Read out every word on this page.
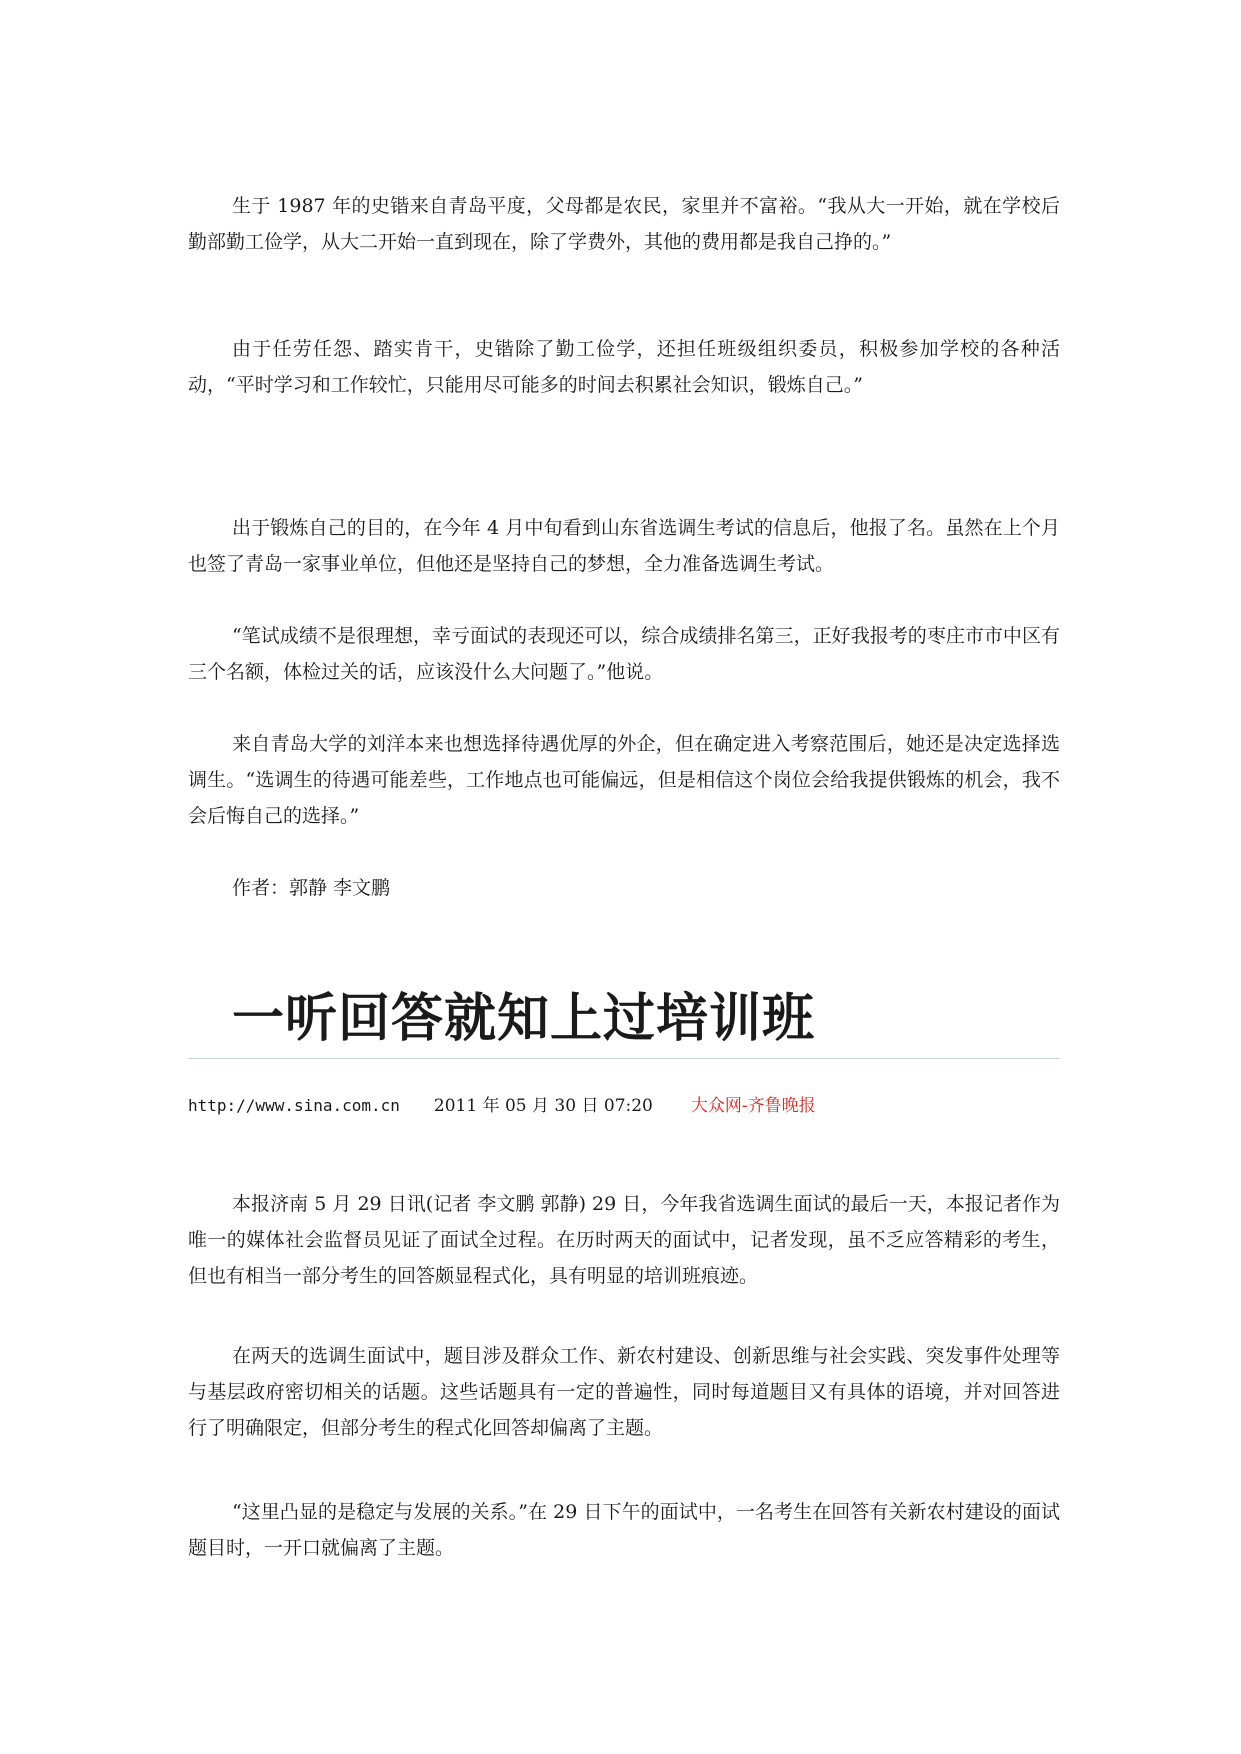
生于 1987 年的史锴来自青岛平度，父母都是农民，家里并不富裕。“我从大一开始，就在学校后勤部勤工俭学，从大二开始一直到现在，除了学费外，其他的费用都是我自己挣的。”

由于任劳任怨、踏实肯干，史锴除了勤工俭学，还担任班级组织委员，积极参加学校的各种活动，“平时学习和工作较忙，只能用尽可能多的时间去积累社会知识，锻炼自己。”

出于锻炼自己的目的，在今年 4 月中旬看到山东省选调生考试的信息后，他报了名。虽然在上个月也签了青岛一家事业单位，但他还是坚持自己的梦想，全力准备选调生考试。

“笔试成绩不是很理想，幸亏面试的表现还可以，综合成绩排名第三，正好我报考的枣庄市市中区有三个名额，体检过关的话，应该没什么大问题了。”他说。

来自青岛大学的刘洋本来也想选择待遇优厚的外企，但在确定进入考察范围后，她还是决定选择选调生。“选调生的待遇可能差些，工作地点也可能偏远，但是相信这个岗位会给我提供锻炼的机会，我不会后悔自己的选择。”

作者：郭静 李文鹏

一听回答就知上过培训班
http://www.sina.com.cn 2011 年 05 月 30 日 07:20 大众网-齐鲁晚报

本报济南 5 月 29 日讯(记者 李文鹏 郭静) 29 日，今年我省选调生面试的最后一天，本报记者作为唯一的媒体社会监督员见证了面试全过程。在历时两天的面试中，记者发现，虽不乏应答精彩的考生，但也有相当一部分考生的回答颇显程式化，具有明显的培训班痕迹。

在两天的选调生面试中，题目涉及群众工作、新农村建设、创新思维与社会实践、突发事件处理等与基层政府密切相关的话题。这些话题具有一定的普遍性，同时每道题目又有具体的语境，并对回答进行了明确限定，但部分考生的程式化回答却偏离了主题。

“这里凸显的是稳定与发展的关系。”在 29 日下午的面试中，一名考生在回答有关新农村建设的面试题目时，一开口就偏离了主题。
